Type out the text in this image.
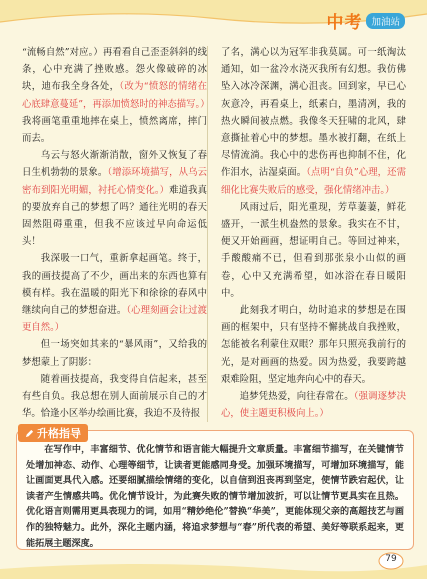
中考 加油站

“流畅自然”对应。）再看看自己歪歪斜斜的线条，心中充满了挫败感。怨火像破碎的冰块，迪布我全身各处，（改为“愤怒的情绪在心底肆意蔓延”，再添加愤怒时的神态描写。）我将画笔重重地摔在桌上，愤然离席，摔门而去。

乌云与怒火渐渐消散，窗外又恢复了春日生机勃勃的景象。（增添环境描写，从乌云密布到阳光明媚，衬托心情变化。）难道我真的要放弃自己的梦想了吗？通往光明的春天固然阻碍重重，但我不应该过早向命运低头！

我深吸一口气，重新拿起画笔。终于，我的画技提高了不少，画出来的东西也算有模有样。我在温暖的阳光下和徐徐的春风中继续向自己的梦想奋进。（心理刻画会让过渡更自然。）

但一场突如其来的“暴风雨”，又给我的梦想蒙上了阴影：

随着画技提高，我变得自信起来，甚至有些自负。我总想在别人面前展示自己的才华。恰逢小区举办绘画比赛，我迫不及待报

了名，满心以为冠军非我莫属。可一纸淘汰通知，如一盆冷水浇灭我所有幻想。我仿佛坠入冰冷深渊，满心沮丧。回到家，早已心灰意冷，再看桌上，纸素白，墨清冽，我的热火瞬间被点燃。我像冬天狂啸的北风，肆意撕扯着心中的梦想。墨水被打翻，在纸上尽情流淌。我心中的悲伤再也抑制不住，化作泪水，沾湿桌面。（点明“自负”心理，还需细化比赛失败后的感受，强化情绪冲击。）

风雨过后，阳光重现，芳草萋萋，鲜花盛开，一派生机盎然的景象。我实在不甘，便又开始画画，想证明自己。等回过神来，手酸酸痛不已，但看到那张泉小山似的画卷，心中又充满希望，如冰浴在春日暖阳中。

此刻我才明白，幼时追求的梦想是在围画的框架中，只有坚持不懈挑战自我挫败，怎能被名利蒙住双眼？那年只照亮我前行的光，是对画画的热爱。因为热爱，我要跨越艰难险阻，坚定地奔向心中的春天。

追梦凭热爱，向往春常在。（强调逐梦决心，使主题更积极向上。）

升格指导
在写作中，丰富细节、优化情节和语言能大幅提升文章质量。丰富细节描写，在关键情节处增加神态、动作、心理等细节，让读者更能感同身受。加强环境描写，可增加环境描写，能让画面更具代入感。还要细腻描绘情绪的变化，以自信到沮丧再到坚定，使情节跌宕起伏，让读者产生情感共鸣。优化情节设计，为此赛失败的情节增加波折，可以让情节更具实在且热。优化语言则需用更具表现力的词，如用“精妙绝伦”替换“华美”，更能体现父亲的高超技艺与画作的独特魅力。此外，深化主题内涵，将追求梦想与“春”所代表的希望、美好等联系起来，更能拓展主题深度。
79
